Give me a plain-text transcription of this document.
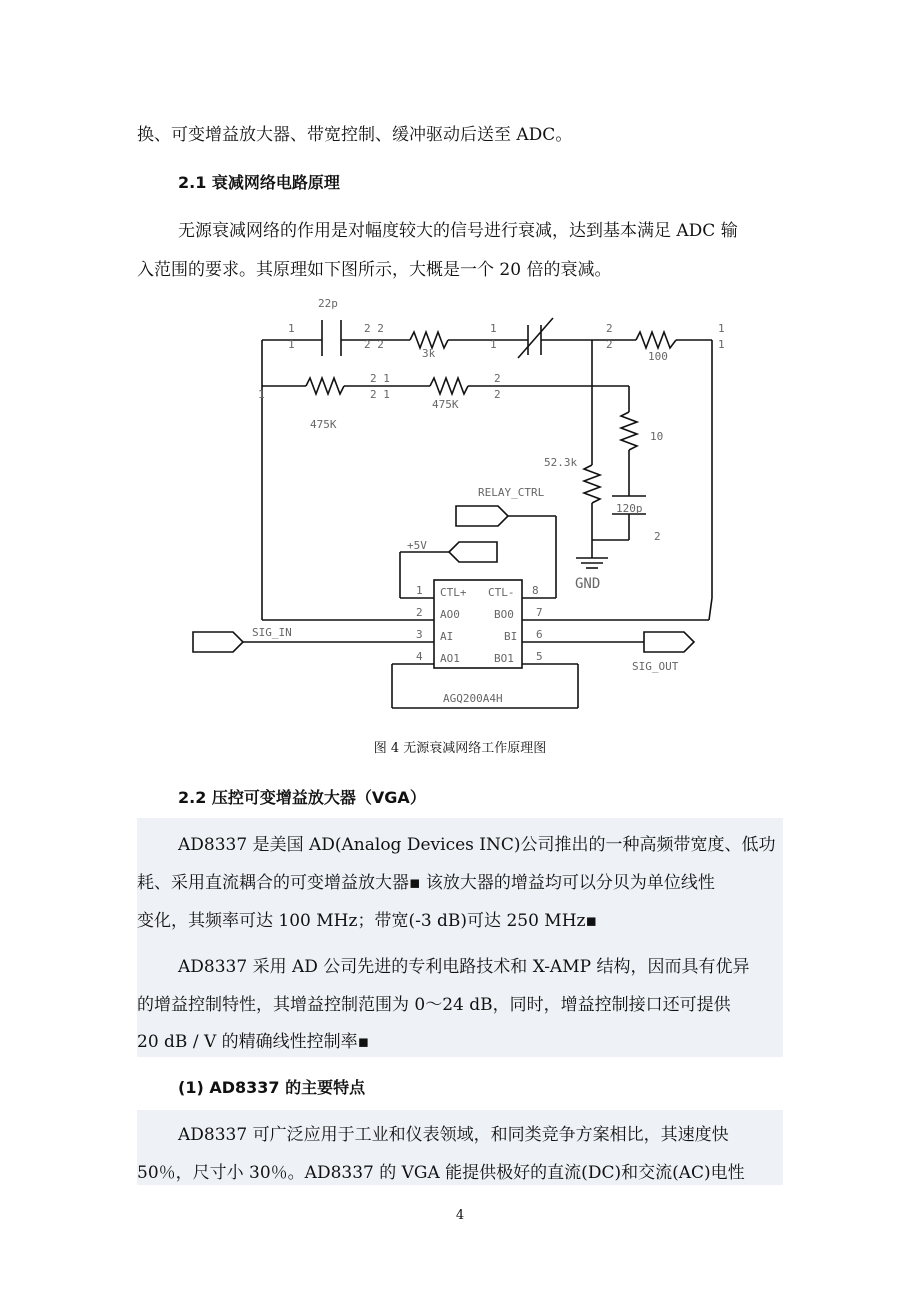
换、可变增益放大器、带宽控制、缓冲驱动后送至 ADC。
2.1 衰减网络电路原理
无源衰减网络的作用是对幅度较大的信号进行衰减，达到基本满足 ADC 输
入范围的要求。其原理如下图所示，大概是一个 20 倍的衰减。
22p
3k	100
475K
475K
52.3k
10
120p
GND
RELAY_CTRL
+5V
SIG_IN
SIG_OUT
AGQ200A4H
1
2
3
4	5
6
7
8
CTL+ CTL-
AO0	BO0
AI	BI
AO1	BO1
1
1
2 2
2 2
1
1
2
2
1
1
1
2 1
2 1
2
2
2
图 4 无源衰减网络工作原理图
2.2 压控可变增益放大器（VGA）
AD8337 是美国 AD(Analog Devices INC)公司推出的一种高频带宽度、低功
耗、采用直流耦合的可变增益放大器▪ 该放大器的增益均可以分贝为单位线性
变化，其频率可达 100 MHz；带宽(-3 dB)可达 250 MHz▪
AD8337 采用 AD 公司先进的专利电路技术和 X-AMP 结构，因而具有优异
的增益控制特性，其增益控制范围为 0～24 dB，同时，增益控制接口还可提供
20 dB / V 的精确线性控制率▪
(1) AD8337 的主要特点
AD8337 可广泛应用于工业和仪表领域，和同类竞争方案相比，其速度快
50％，尺寸小 30％。AD8337 的 VGA 能提供极好的直流(DC)和交流(AC)电性
4
